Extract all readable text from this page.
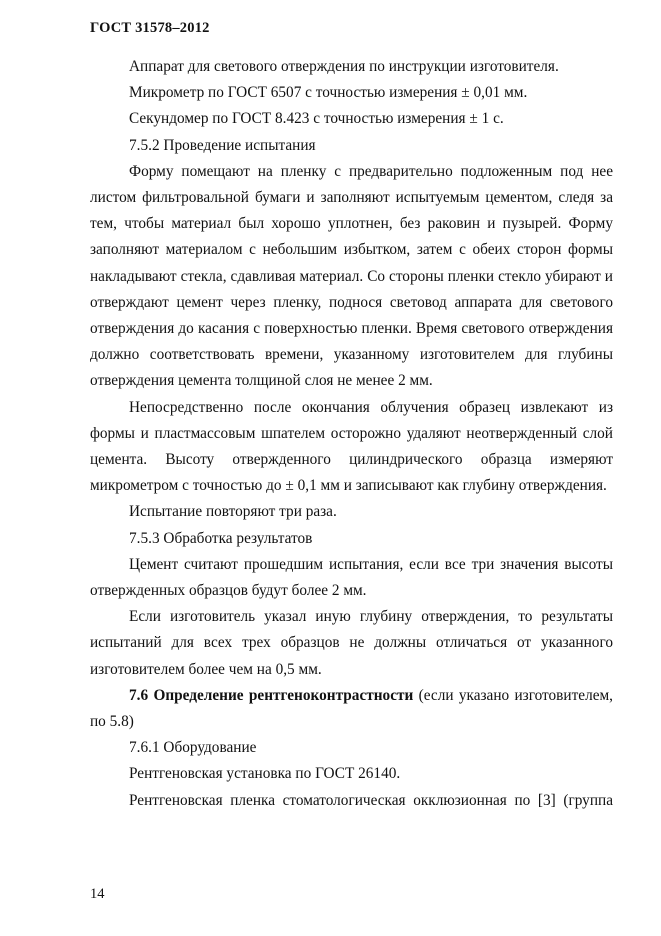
ГОСТ 31578–2012

Аппарат для светового отверждения по инструкции изготовителя.

Микрометр по ГОСТ 6507 с точностью измерения ± 0,01 мм.

Секундомер по ГОСТ 8.423 с точностью измерения ± 1 с.

7.5.2 Проведение испытания

Форму помещают на пленку с предварительно подложенным под нее листом фильтровальной бумаги и заполняют испытуемым цементом, следя за тем, чтобы материал был хорошо уплотнен, без раковин и пузырей. Форму заполняют материалом с небольшим избытком, затем с обеих сторон формы накладывают стекла, сдавливая материал. Со стороны пленки стекло убирают и отверждают цемент через пленку, поднося световод аппарата для светового отверждения до касания с поверхностью пленки. Время светового отверждения должно соответствовать времени, указанному изготовителем для глубины отверждения цемента толщиной слоя не менее 2 мм.

Непосредственно после окончания облучения образец извлекают из формы и пластмассовым шпателем осторожно удаляют неотвержденный слой цемента. Высоту отвержденного цилиндрического образца измеряют микрометром с точностью до ± 0,1 мм и записывают как глубину отверждения.

Испытание повторяют три раза.

7.5.3 Обработка результатов

Цемент считают прошедшим испытания, если все три значения высоты отвержденных образцов будут более 2 мм.

Если изготовитель указал иную глубину отверждения, то результаты испытаний для всех трех образцов не должны отличаться от указанного изготовителем более чем на 0,5 мм.

7.6 Определение рентгеноконтрастности (если указано изготовителем, по 5.8)

7.6.1 Оборудование

Рентгеновская установка по ГОСТ 26140.

Рентгеновская пленка стоматологическая окклюзионная по [3] (группа

14
